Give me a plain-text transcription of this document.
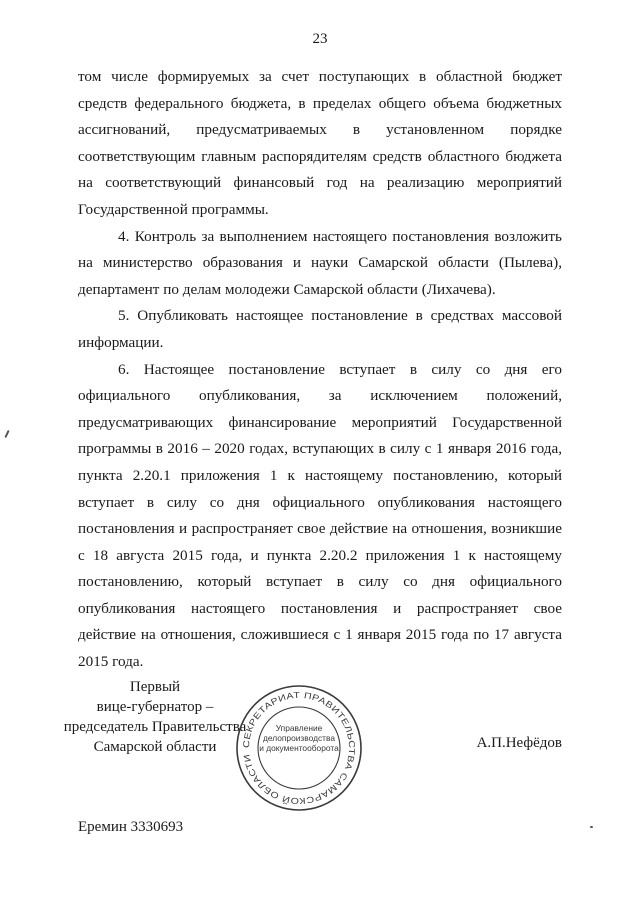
23

том числе формируемых за счет поступающих в областной бюджет средств федерального бюджета, в пределах общего объема бюджетных ассигнований, предусматриваемых в установленном порядке соответствующим главным распорядителям средств областного бюджета на соответствующий финансовый год на реализацию мероприятий Государственной программы.

4. Контроль за выполнением настоящего постановления возложить на министерство образования и науки Самарской области (Пылева), департамент по делам молодежи Самарской области (Лихачева).

5. Опубликовать настоящее постановление в средствах массовой информации.

6. Настоящее постановление вступает в силу со дня его официального опубликования, за исключением положений, предусматривающих финансирование мероприятий Государственной программы в 2016 – 2020 годах, вступающих в силу с 1 января 2016 года, пункта 2.20.1 приложения 1 к настоящему постановлению, который вступает в силу со дня официального опубликования настоящего постановления и распространяет свое действие на отношения, возникшие с 18 августа 2015 года, и пункта 2.20.2 приложения 1 к настоящему постановлению, который вступает в силу со дня официального опубликования настоящего постановления и распространяет свое действие на отношения, сложившиеся с 1 января 2015 года по 17 августа 2015 года.

Первый
вице-губернатор –
председатель Правительства
Самарской области	СЕКРЕТАРИАТ ПРАВИТЕЛЬСТВА САМАРСКОЙ ОБЛАСТИ
Управление
делопроизводства
и документооборота	А.П.Нефёдов
Еремин 3330693
